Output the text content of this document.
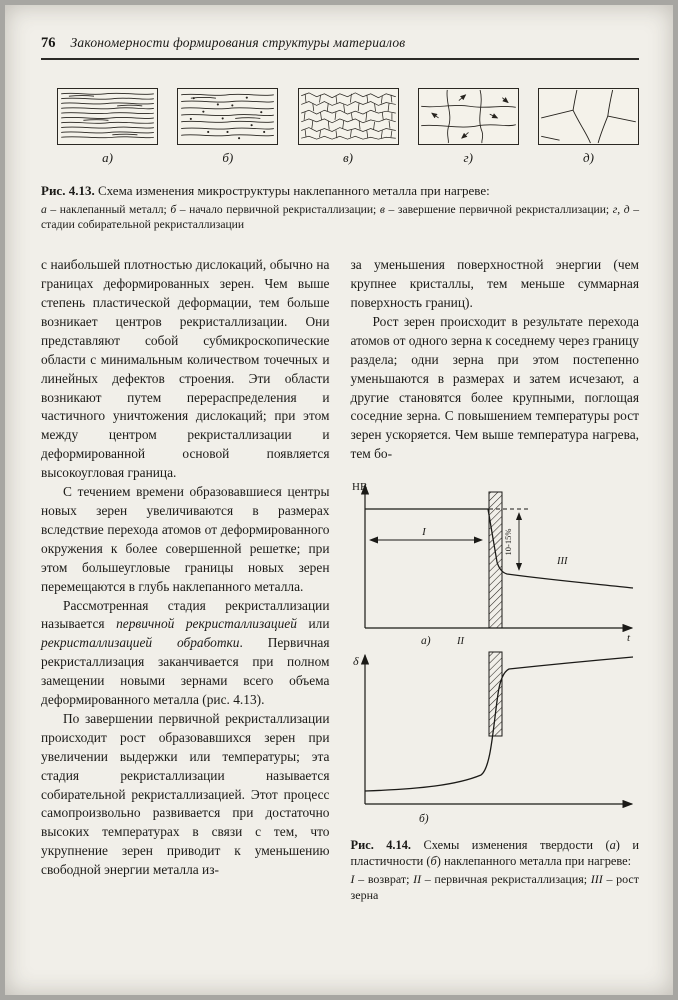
76 Закономерности формирования структуры материалов
а)	б)	в)	г)	д)

Рис. 4.13. Схема изменения микроструктуры наклепанного металла при нагреве:

а – наклепанный металл; б – начало первичной рекристаллизации; в – завершение первичной рекристаллизации; г, д – стадии собирательной рекристаллизации

с наибольшей плотностью дислокаций, обычно на границах деформированных зерен. Чем выше степень пластической деформации, тем больше возникает центров рекристаллизации. Они представляют собой субмикроскопические области с минимальным количеством точечных и линейных дефектов строения. Эти области возникают путем перераспределения и частичного уничтожения дислокаций; при этом между центром рекристаллизации и деформированной основой появляется высокоугловая граница.

С течением времени образовавшиеся центры новых зерен увеличиваются в размерах вследствие перехода атомов от деформированного окружения к более совершенной решетке; при этом большеугловые границы новых зерен перемещаются в глубь наклепанного металла.

Рассмотренная стадия рекристаллизации называется первичной рекристаллизацией или рекристаллизацией обработки. Первичная рекристаллизация заканчивается при полном замещении новыми зернами всего объема деформированного металла (рис. 4.13).

По завершении первичной рекристаллизации происходит рост образовавшихся зерен при увеличении выдержки или температуры; эта стадия рекристаллизации называется собирательной рекристаллизацией. Этот процесс самопроизвольно развивается при достаточно высоких температурах в связи с тем, что укрупнение зерен приводит к уменьшению свободной энергии металла из-

за уменьшения поверхностной энергии (чем крупнее кристаллы, тем меньше суммарная поверхность границ).

Рост зерен происходит в результате перехода атомов от одного зерна к соседнему через границу раздела; одни зерна при этом постепенно уменьшаются в размерах и затем исчезают, а другие становятся более крупными, поглощая соседние зерна. С повышением температуры рост зерен ускоряется. Чем выше температура нагрева, тем бо-

10-15%
I
III
НВ
t
а)	II
δ
б)

Рис. 4.14. Схемы изменения твердости (а) и пластичности (б) наклепанного металла при нагреве:

I – возврат; II – первичная рекристаллизация; III – рост зерна
